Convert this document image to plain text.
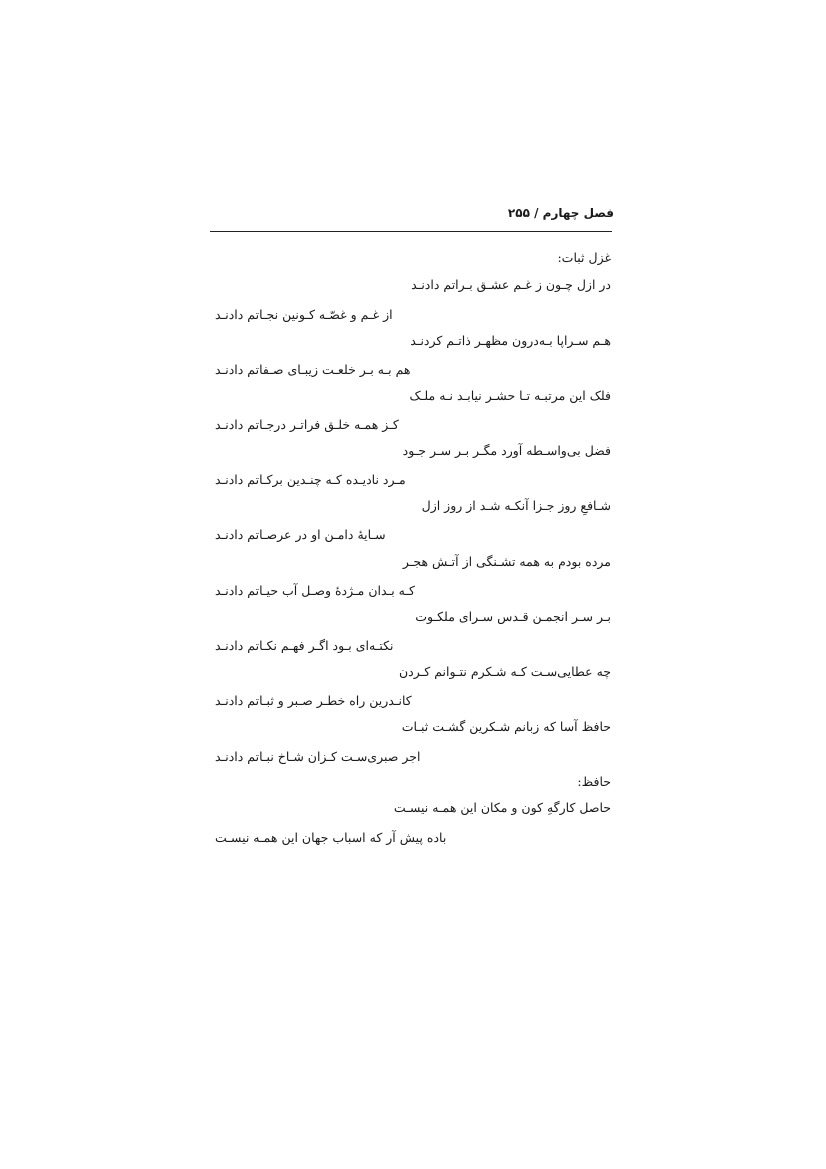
فصل چهارم / ۲۵۵
غزل ثبات:
در ازل چـون ز غـم عشـق بـراتم دادنـد
از غـم و غصّـه کـونین نجـاتم دادنـد
هـم سـراپا بـه‌درون مظهـر ذاتـم کردنـد
هم بـه بـر خلعـت زیبـای صـفاتم دادنـد
فلک این مرتبـه تـا حشـر نیابـد نـه ملـک
کـز همـه خلـق فراتـر درجـاتم دادنـد
فضل بی‌واسـطه آورد مگـر بـر سـر جـود
مـرد نادیـده کـه چنـدین برکـاتم دادنـد
شـافعِ روز جـزا آنکـه شـد از روز ازل
سـایهٔ دامـن او در عرصـاتم دادنـد
مرده بودم به همه تشـنگی از آتـش هجـر
کـه بـدان مـژدهٔ وصـل آب حیـاتم دادنـد
بـر سـر انجمـن قـدس سـرای ملکـوت
نکتـه‌ای بـود اگـر فهـم نکـاتم دادنـد
چه عطایی‌سـت کـه شـکرم نتـوانم کـردن
کانـدرین راه خطـر صـبر و ثبـاتم دادنـد
حافظ آسا که زبانم شـکرین گشـت ثبـات
اجر صبری‌سـت کـزان شـاخ نبـاتم دادنـد
حافظ:
حاصل کارگهِ کون و مکان این همـه نیسـت
باده پیش آر که اسباب جهان این همـه نیسـت
